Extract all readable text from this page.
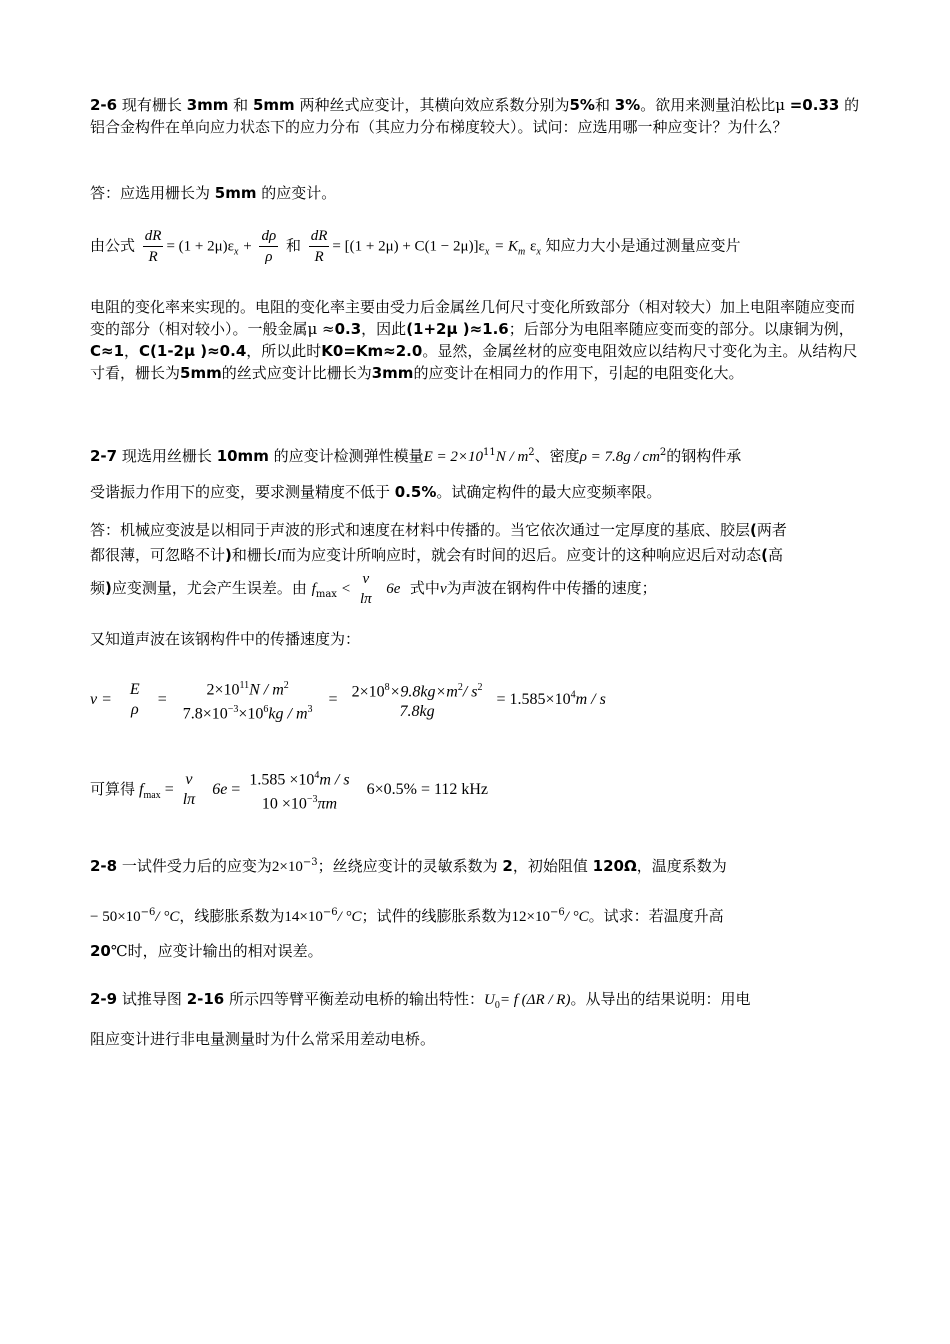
2-6 现有栅长 3mm 和 5mm 两种丝式应变计，其横向效应系数分别为5%和 3%。欲用来测量泊松比μ =0.33 的铝合金构件在单向应力状态下的应力分布（其应力分布梯度较大）。试问：应选用哪一种应变计？为什么？
答：应选用栅长为 5mm 的应变计。
由公式 $\frac{dR}{R} = (1 + 2\mu)\varepsilon_x + \frac{d\rho}{\rho}$ 和 $\frac{dR}{R} = [(1 + 2\mu) + C(1 - 2\mu)]\varepsilon_x = K_m$ $\varepsilon_x$ 知应力大小是通过测量应变片
电阻的变化率来实现的。电阻的变化率主要由受力后金属丝几何尺寸变化所致部分（相对较大）加上电阻率随应变而变的部分（相对较小）。一般金属μ ≈0.3，因此(1+2μ )≈1.6；后部分为电阻率随应变而变的部分。以康铜为例，C≈1，C(1-2μ )≈0.4，所以此时K0=Km≈2.0。显然，金属丝材的应变电阻效应以结构尺寸变化为主。从结构尺寸看，栅长为5mm的丝式应变计比栅长为3mm的应变计在相同力的作用下，引起的电阻变化大。
2-7 现选用丝栅长 10mm 的应变计检测弹性模量$E = 2\times 10^{11}N / m^2$、密度$\rho = 7.8g / cm^2$的钢构件承
受谐振力作用下的应变，要求测量精度不低于 0.5%。试确定构件的最大应变频率限。
答：机械应变波是以相同于声波的形式和速度在材料中传播的。当它依次通过一定厚度的基底、胶层(两者
都很薄，可忽略不计)和栅长l而为应变计所响应时，就会有时间的迟后。应变计的这种响应迟后对动态(高
频)应变测量，尤会产生误差。由 $f_{max}$ <
v
lπ
6e 式中v为声波在钢构件中传播的速度；
又知道声波在该钢构件中的传播速度为：
v =
E
ρ
=
$2\times 10^{11}N / m^2$
$7.8\times 10^{-3}\times 10^6kg / m^3$
= $2\times 10^8\times 9.8kg\times m^2/$ $s^2$
7.8kg
= $1.585\times 10^4m / s$
可算得 $f_{max}$ =
v
lπ
6e =
$1.585 \times 10^4m / s$
$10 \times 10^{-3}\pi m$
6×0.5% = 112 kHz
2-8 一试件受力后的应变为$2\times 10^{-3}$；丝绕应变计的灵敏系数为 2，初始阻值 120Ω，温度系数为
− $50\times 10^{-6}/$ °C，线膨胀系数为$14\times 10^{-6}/$ °C；试件的线膨胀系数为$12\times 10^{-6}/$ °C。试求：若温度升高
20℃时，应变计输出的相对误差。
2-9 试推导图 2-16 所示四等臂平衡差动电桥的输出特性：$U_0= f$ (ΔR / R)。从导出的结果说明：用电
阻应变计进行非电量测量时为什么常采用差动电桥。
